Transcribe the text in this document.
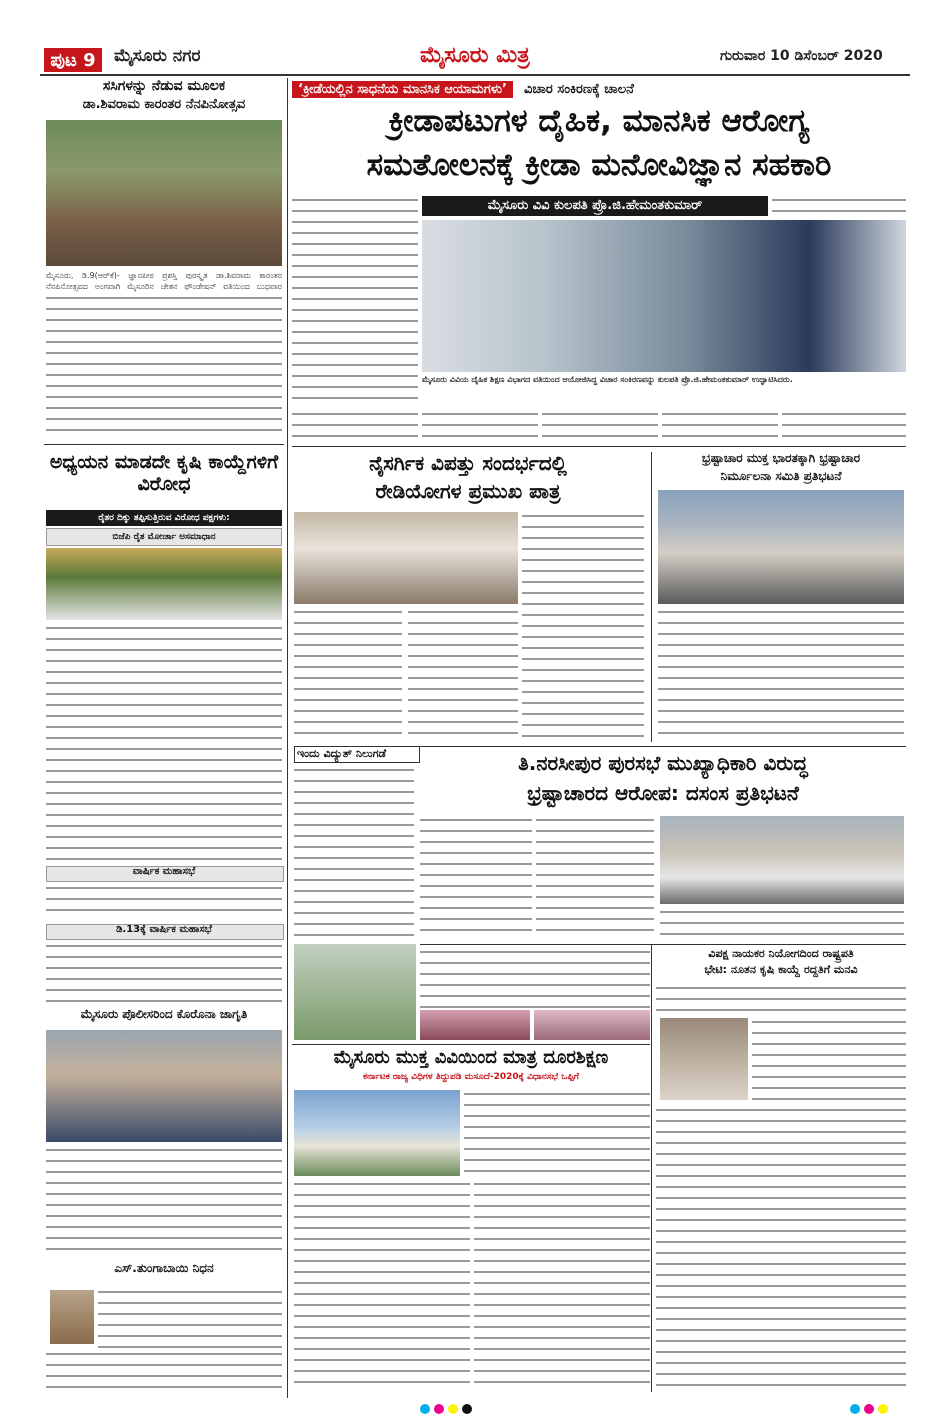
ಪುಟ 9	ಮೈಸೂರು ನಗರ	ಮೈಸೂರು ಮಿತ್ರ	ಗುರುವಾರ 10 ಡಿಸೆಂಬರ್ 2020
ಸಸಿಗಳನ್ನು ನೆಡುವ ಮೂಲಕ
ಡಾ.ಶಿವರಾಮ ಕಾರಂತರ ನೆನಪಿನೋತ್ಸವ
ಮೈಸೂರು, ಡಿ.9(ಆರ್‌ಕೆ)- ಜ್ಞಾನಪೀಠ ಪ್ರಶಸ್ತಿ ಪುರಸ್ಕೃತ ಡಾ.ಶಿವರಾಮ ಕಾರಂತರ ನೆನಪಿನೋತ್ಸವದ ಅಂಗವಾಗಿ ಮೈಸೂರಿನ ಚೇತನ ಫೌಂಡೇಷನ್ ವತಿಯಿಂದ ಬುಧವಾರ
ಅಧ್ಯಯನ ಮಾಡದೇ ಕೃಷಿ ಕಾಯ್ದೆಗಳಿಗೆ ವಿರೋಧ
ರೈತರ ದಿಕ್ಕು ತಪ್ಪಿಸುತ್ತಿರುವ ವಿರೋಧ ಪಕ್ಷಗಳು:
ಬಿಜೆಪಿ ರೈತ ಮೋರ್ಚಾ ಅಸಮಾಧಾನ
ವಾರ್ಷಿಕ ಮಹಾಸಭೆ
ಡಿ.13ಕ್ಕೆ ವಾರ್ಷಿಕ ಮಹಾಸಭೆ
ಮೈಸೂರು ಪೊಲೀಸರಿಂದ ಕೊರೊನಾ ಜಾಗೃತಿ
ಎಸ್.ತುಂಗಾಬಾಯಿ ನಿಧನ
‘ಕ್ರೀಡೆಯಲ್ಲಿನ ಸಾಧನೆಯ ಮಾನಸಿಕ ಆಯಾಮಗಳು’ ವಿಚಾರ ಸಂಕಿರಣಕ್ಕೆ ಚಾಲನೆ
ಕ್ರೀಡಾಪಟುಗಳ ದೈಹಿಕ, ಮಾನಸಿಕ ಆರೋಗ್ಯ
ಸಮತೋಲನಕ್ಕೆ ಕ್ರೀಡಾ ಮನೋವಿಜ್ಞಾನ ಸಹಕಾರಿ
ಮೈಸೂರು ವಿವಿ ಕುಲಪತಿ ಪ್ರೊ.ಜಿ.ಹೇಮಂತಕುಮಾರ್
ಮೈಸೂರು ವಿವಿಯ ದೈಹಿಕ ಶಿಕ್ಷಣ ವಿಭಾಗದ ವತಿಯಿಂದ ಆಯೋಜಿಸಿದ್ದ ವಿಚಾರ ಸಂಕಿರಣವನ್ನು ಕುಲಪತಿ ಪ್ರೊ.ಜಿ.ಹೇಮಂತಕುಮಾರ್ ಉದ್ಘಾಟಿಸಿದರು.
ನೈಸರ್ಗಿಕ ವಿಪತ್ತು ಸಂದರ್ಭದಲ್ಲಿ
ರೇಡಿಯೋಗಳ ಪ್ರಮುಖ ಪಾತ್ರ
ಇಂದು ವಿದ್ಯುತ್ ನಿಲುಗಡೆ
ಭ್ರಷ್ಟಾಚಾರ ಮುಕ್ತ ಭಾರತಕ್ಕಾಗಿ ಭ್ರಷ್ಟಾಚಾರ
ನಿರ್ಮೂಲನಾ ಸಮಿತಿ ಪ್ರತಿಭಟನೆ
ತಿ.ನರಸೀಪುರ ಪುರಸಭೆ ಮುಖ್ಯಾಧಿಕಾರಿ ವಿರುದ್ಧ
ಭ್ರಷ್ಟಾಚಾರದ ಆರೋಪ: ದಸಂಸ ಪ್ರತಿಭಟನೆ
ವಿಪಕ್ಷ ನಾಯಕರ ನಿಯೋಗದಿಂದ ರಾಷ್ಟ್ರಪತಿ
ಭೇಟಿ: ನೂತನ ಕೃಷಿ ಕಾಯ್ದೆ ರದ್ದತಿಗೆ ಮನವಿ
ಮೈಸೂರು ಮುಕ್ತ ವಿವಿಯಿಂದ ಮಾತ್ರ ದೂರಶಿಕ್ಷಣ
ಕರ್ನಾಟಕ ರಾಜ್ಯ ವಿಧಿಗಳ ತಿದ್ದುಪಡಿ ಮಸೂದೆ-2020ಕ್ಕೆ ವಿಧಾನಸಭೆ ಒಪ್ಪಿಗೆ
